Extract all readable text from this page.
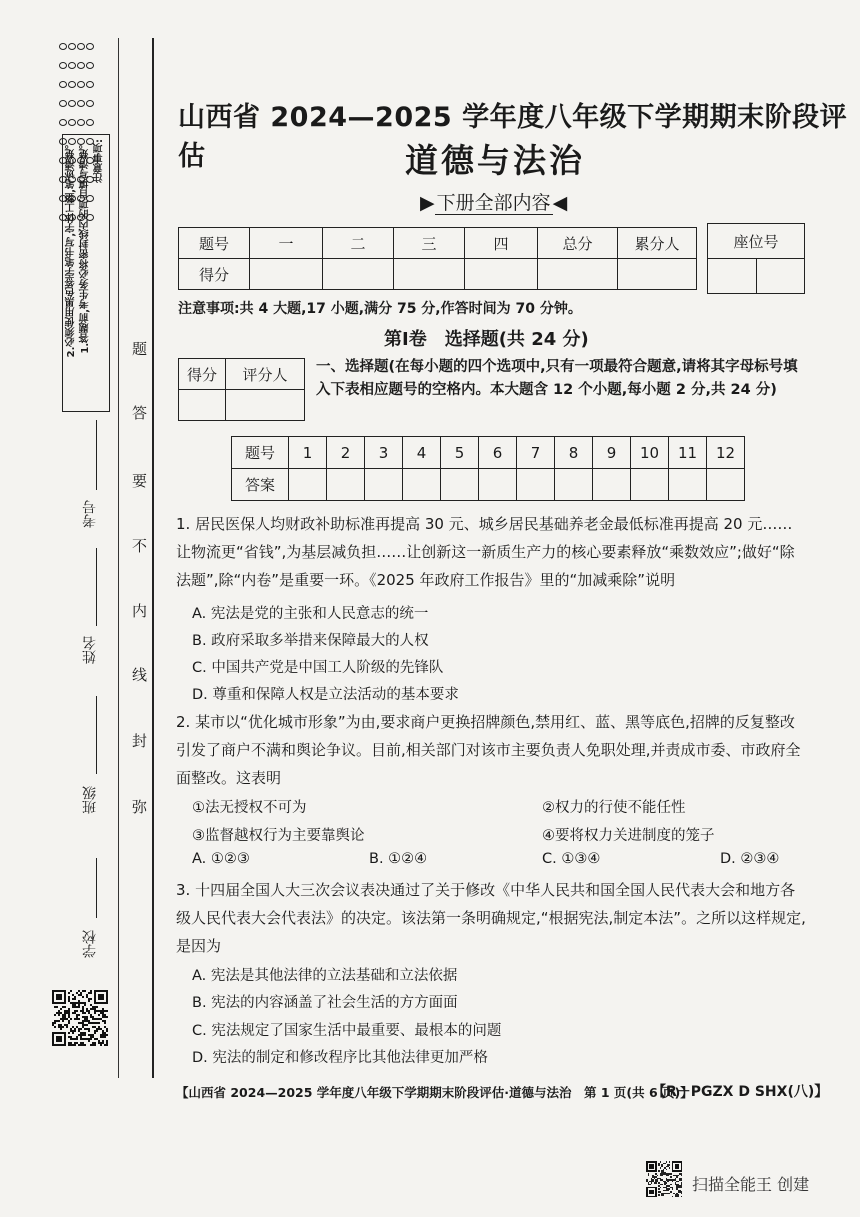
注意事项:
1.答题前,考生务必将密封线内的项目填写清楚。
2.必须使用黑色签字笔书写,字体工整,笔迹清楚。
学校
班级
姓名
考号
题
答
要
不
内
线
封
弥
山西省 2024—2025 学年度八年级下学期期末阶段评估	道德与法治
▶ 下册全部内容 ◀
题号	一	二	三	四	总分	累分人
得分						
座位号

注意事项:共 4 大题,17 小题,满分 75 分,作答时间为 70 分钟。
第Ⅰ卷　选择题(共 24 分)
得分	评分人
	一、选择题(在每小题的四个选项中,只有一项最符合题意,请将其字母标号填入下表相应题号的空格内。本大题含 12 个小题,每小题 2 分,共 24 分)
题号	1	2	3	4	5	6	7	8	9	10	11	12
答案												
1. 居民医保人均财政补助标准再提高 30 元、城乡居民基础养老金最低标准再提高 20 元……让物流更“省钱”,为基层减负担……让创新这一新质生产力的核心要素释放“乘数效应”;做好“除法题”,除“内卷”是重要一环。《2025 年政府工作报告》里的“加减乘除”说明
A. 宪法是党的主张和人民意志的统一
B. 政府采取多举措来保障最大的人权
C. 中国共产党是中国工人阶级的先锋队
D. 尊重和保障人权是立法活动的基本要求
2. 某市以“优化城市形象”为由,要求商户更换招牌颜色,禁用红、蓝、黑等底色,招牌的反复整改引发了商户不满和舆论争议。目前,相关部门对该市主要负责人免职处理,并责成市委、市政府全面整改。这表明
①法无授权不可为	②权力的行使不能任性
③监督越权行为主要靠舆论	④要将权力关进制度的笼子
A. ①②③	B. ①②④	C. ①③④	D. ②③④
3. 十四届全国人大三次会议表决通过了关于修改《中华人民共和国全国人民代表大会和地方各级人民代表大会代表法》的决定。该法第一条明确规定,“根据宪法,制定本法”。之所以这样规定,是因为
A. 宪法是其他法律的立法基础和立法依据
B. 宪法的内容涵盖了社会生活的方方面面
C. 宪法规定了国家生活中最重要、最根本的问题
D. 宪法的制定和修改程序比其他法律更加严格
【山西省 2024—2025 学年度八年级下学期期末阶段评估·道德与法治　第 1 页(共 6 页)】
【R－PGZX D SHX(八)】
扫描全能王 创建
